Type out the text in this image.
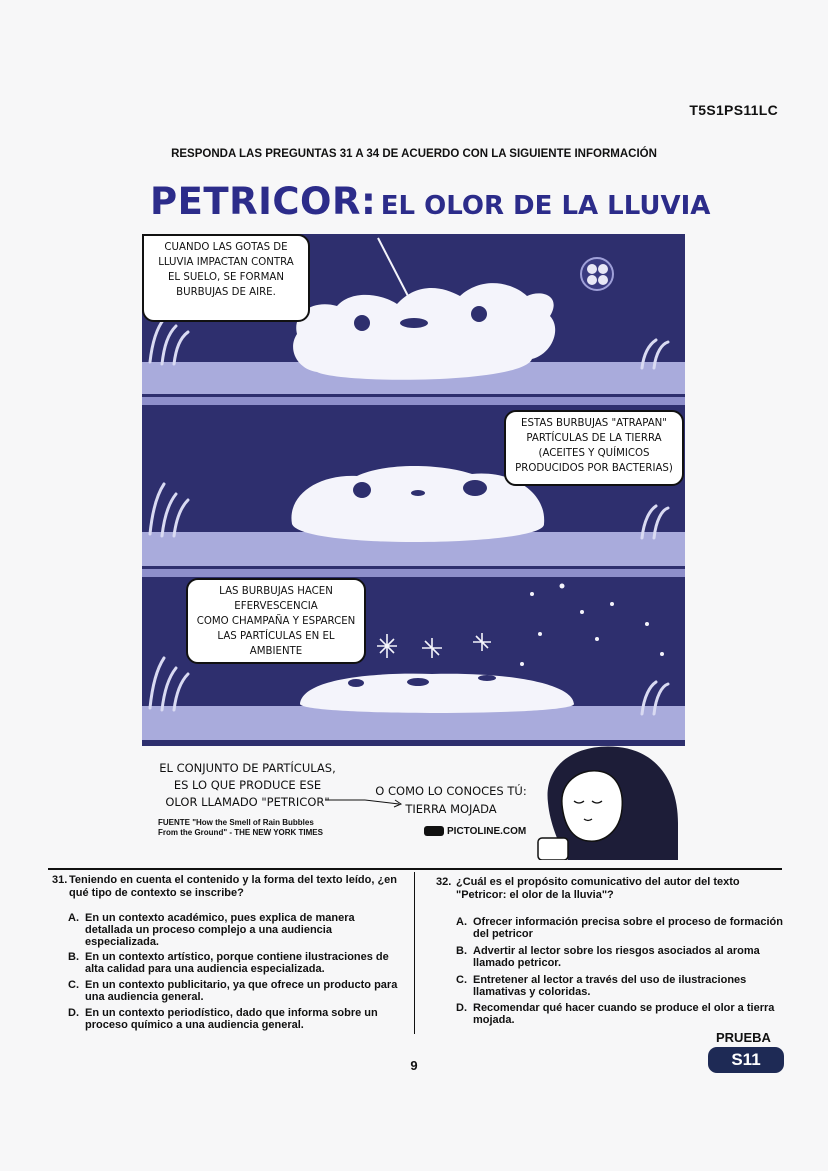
T5S1PS11LC
RESPONDA LAS PREGUNTAS 31 A 34 DE ACUERDO CON LA SIGUIENTE INFORMACIÓN
PETRICOR: EL OLOR DE LA LLUVIA
CUANDO LAS GOTAS DE
LLUVIA IMPACTAN CONTRA
EL SUELO, SE FORMAN
BURBUJAS DE AIRE.
ESTAS BURBUJAS "ATRAPAN"
PARTÍCULAS DE LA TIERRA
(ACEITES Y QUÍMICOS
PRODUCIDOS POR BACTERIAS)
LAS BURBUJAS HACEN
EFERVESCENCIA
COMO CHAMPAÑA Y ESPARCEN
LAS PARTÍCULAS EN EL
AMBIENTE
EL CONJUNTO DE PARTÍCULAS,
ES LO QUE PRODUCE ESE
OLOR LLAMADO "PETRICOR"
O COMO LO CONOCES TÚ:
TIERRA MOJADA
FUENTE "How the Smell of Rain Bubbles
From the Ground" - THE NEW YORK TIMES	PICTOLINE.COM
31. Teniendo en cuenta el contenido y la forma del texto leído, ¿en qué tipo de contexto se inscribe?
A. En un contexto académico, pues explica de manera detallada un proceso complejo a una audiencia especializada.
B. En un contexto artístico, porque contiene ilustraciones de alta calidad para una audiencia especializada.
C. En un contexto publicitario, ya que ofrece un producto para una audiencia general.
D. En un contexto periodístico, dado que informa sobre un proceso químico a una audiencia general.
32. ¿Cuál es el propósito comunicativo del autor del texto "Petricor: el olor de la lluvia"?
A. Ofrecer información precisa sobre el proceso de formación del petricor
B. Advertir al lector sobre los riesgos asociados al aroma llamado petricor.
C. Entretener al lector a través del uso de ilustraciones llamativas y coloridas.
D. Recomendar qué hacer cuando se produce el olor a tierra mojada.
9
PRUEBA
S11
